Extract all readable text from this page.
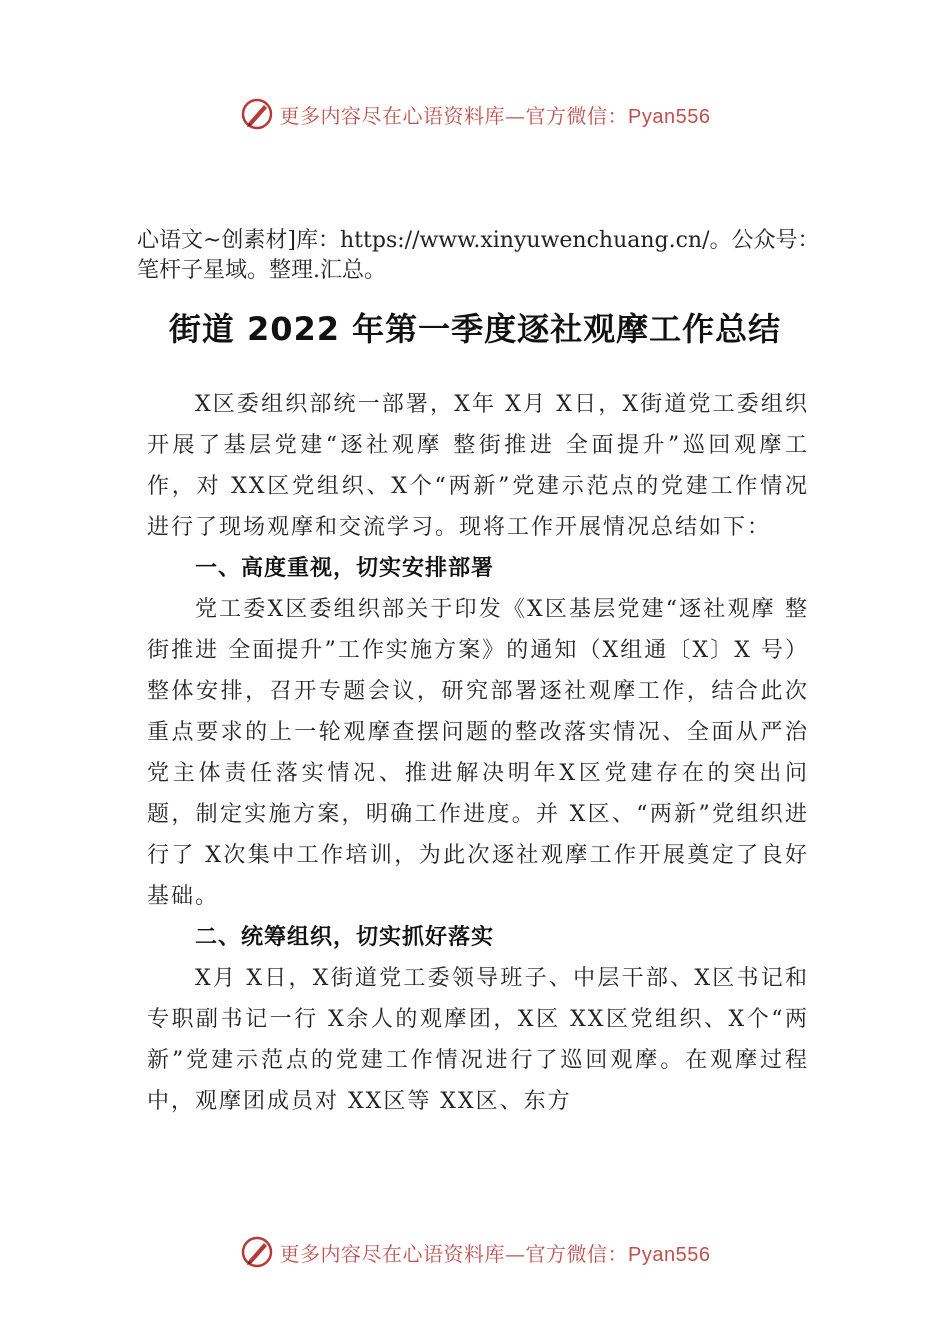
更多内容尽在心语资料库—官方微信：Pyan556
心语文~创素材]库：https://www.xinyuwenchuang.cn/。公众号：笔杆子星域。整理.汇总。
街道 2022 年第一季度逐社观摩工作总结

X区委组织部统一部署，X年 X月 X日，X街道党工委组织开展了基层党建“逐社观摩 整街推进 全面提升”巡回观摩工作，对 XX区党组织、X个“两新”党建示范点的党建工作情况进行了现场观摩和交流学习。现将工作开展情况总结如下：

一、高度重视，切实安排部署

党工委X区委组织部关于印发《X区基层党建“逐社观摩 整街推进 全面提升”工作实施方案》的通知（X组通〔X〕X 号）整体安排，召开专题会议，研究部署逐社观摩工作，结合此次重点要求的上一轮观摩查摆问题的整改落实情况、全面从严治党主体责任落实情况、推进解决明年X区党建存在的突出问题，制定实施方案，明确工作进度。并 X区、“两新”党组织进行了 X次集中工作培训，为此次逐社观摩工作开展奠定了良好基础。

二、统筹组织，切实抓好落实

X月 X日，X街道党工委领导班子、中层干部、X区书记和专职副书记一行 X余人的观摩团，X区 XX区党组织、X个“两新”党建示范点的党建工作情况进行了巡回观摩。在观摩过程中，观摩团成员对 XX区等 XX区、东方

更多内容尽在心语资料库—官方微信：Pyan556
